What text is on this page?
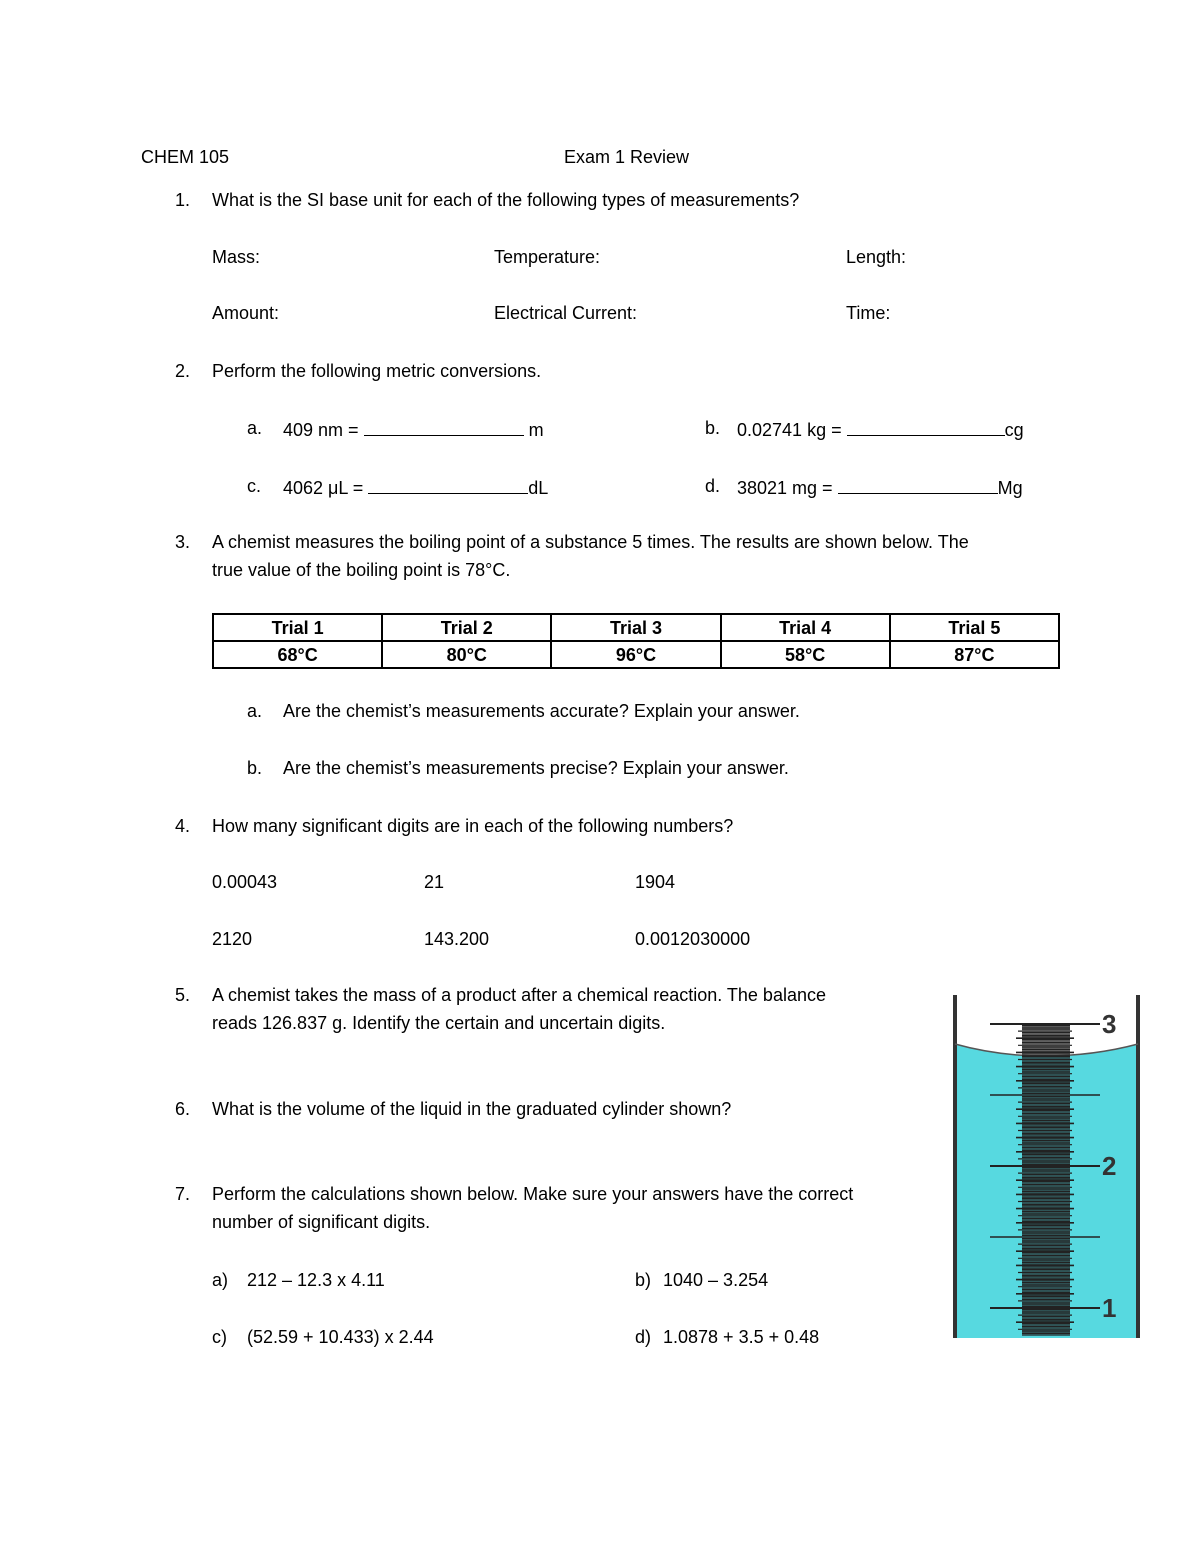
CHEM 105	Exam 1 Review
1. What is the SI base unit for each of the following types of measurements?
Mass:	Temperature:	Length:
Amount:	Electrical Current:	Time:
2. Perform the following metric conversions.
a. 409 nm =	m	b. 0.02741 kg =	cg
c. 4062 μL =	dL	d. 38021 mg =	Mg
3. A chemist measures the boiling point of a substance 5 times. The results are shown below. The
true value of the boiling point is 78°C.
Trial 1	Trial 2	Trial 3	Trial 4	Trial 5
68°C	80°C	96°C	58°C	87°C
a. Are the chemist’s measurements accurate? Explain your answer.
b. Are the chemist’s measurements precise? Explain your answer.
4. How many significant digits are in each of the following numbers?
0.00043	21	1904
2120	143.200	0.0012030000
5. A chemist takes the mass of a product after a chemical reaction. The balance
reads 126.837 g. Identify the certain and uncertain digits.
6. What is the volume of the liquid in the graduated cylinder shown?
7. Perform the calculations shown below. Make sure your answers have the correct
number of significant digits.
a) 212 – 12.3 x 4.11	b) 1040 – 3.254
c) (52.59 + 10.433) x 2.44	d) 1.0878 + 3.5 + 0.48
3
2
1
